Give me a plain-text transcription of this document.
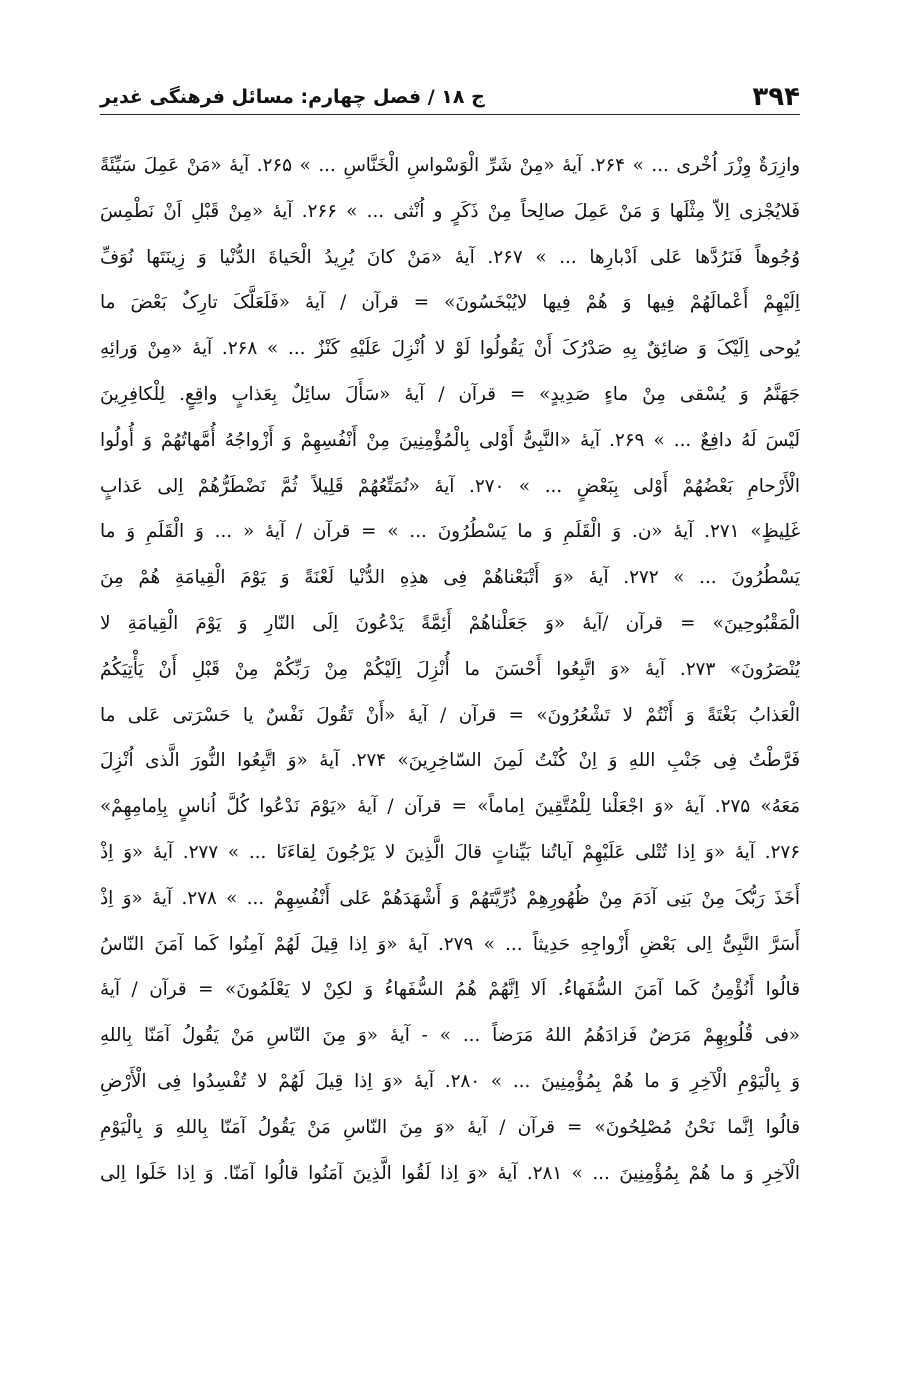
۳۹۴
ج ۱۸ / فصل چهارم: مسائل فرهنگی غدیر
وازِرَةٌ وِزْرَ اُخْری ... » ۲۶۴. آیهٔ «مِنْ شَرِّ الْوَسْواسِ الْخَنَّاسِ ... » ۲۶۵. آیهٔ «مَنْ عَمِلَ سَیِّئَةً
فَلایُجْزی اِلاّ مِثْلَها وَ مَنْ عَمِلَ صالِحاً مِنْ ذَکَرٍ و اُنْثی ... » ۲۶۶. آیهٔ «مِنْ قَبْلِ اَنْ نَطْمِسَ
وُجُوهاً فَنَرُدَّها عَلی اَدْبارِها ... » ۲۶۷. آیهٔ «مَنْ کانَ یُرِیدُ الْحَیاةَ الدُّنْیا وَ زِینَتَها نُوَفِّ
اِلَیْهِمْ أَعْمالَهُمْ فِیها وَ هُمْ فِیها لایُبْخَسُونَ» = قرآن / آیهٔ «فَلَعَلَّکَ تارِکٌ بَعْضَ ما
یُوحی اِلَیْکَ وَ ضائِقٌ بِهِ صَدْرُکَ أَنْ یَقُولُوا لَوْ لا اُنْزِلَ عَلَیْهِ کَنْزٌ ... » ۲۶۸. آیهٔ «مِنْ وَرائِهِ
جَهَنَّمُ وَ یُسْقی مِنْ ماءٍ صَدِیدٍ» = قرآن / آیهٔ «سَأَلَ سائِلٌ بِعَذابٍ واقِعٍ. لِلْکافِرِینَ
لَیْسَ لَهُ دافِعٌ ... » ۲۶۹. آیهٔ «النَّبِیُّ أَوْلی بِالْمُؤْمِنِینَ مِنْ أَنْفُسِهِمْ وَ أَزْواجُهُ أُمَّهاتُهُمْ وَ أُولُوا
الْأَرْحامِ بَعْضُهُمْ أَوْلی بِبَعْضٍ ... » ۲۷۰. آیهٔ «نُمَتِّعُهُمْ قَلِیلاً ثُمَّ نَضْطَرُّهُمْ اِلی عَذابٍ
غَلِیظٍ» ۲۷۱. آیهٔ «ن. وَ الْقَلَمِ وَ ما یَسْطُرُونَ ... » = قرآن / آیهٔ « ... وَ الْقَلَمِ وَ ما
یَسْطُرُونَ ... » ۲۷۲. آیهٔ «وَ أَتْبَعْناهُمْ فِی هذِهِ الدُّنْیا لَعْنَةً وَ یَوْمَ الْقِیامَةِ هُمْ مِنَ
الْمَقْبُوحِینَ» = قرآن /آیهٔ «وَ جَعَلْناهُمْ أَئِمَّةً یَدْعُونَ اِلَی النّارِ وَ یَوْمَ الْقِیامَةِ لا
یُنْصَرُونَ» ۲۷۳. آیهٔ «وَ اتَّبِعُوا أَحْسَنَ ما أُنْزِلَ اِلَیْکُمْ مِنْ رَبِّکُمْ مِنْ قَبْلِ أَنْ یَأْتِیَکُمُ
الْعَذابُ بَغْتَةً وَ أَنْتُمْ لا تَشْعُرُونَ» = قرآن / آیهٔ «أَنْ تَقُولَ نَفْسٌ یا حَسْرَتی عَلی ما
فَرَّطْتُ فِی جَنْبِ اللهِ وَ اِنْ کُنْتُ لَمِنَ السّاخِرِینَ» ۲۷۴. آیهٔ «وَ اتَّبِعُوا النُّورَ الَّذی اُنْزِلَ
مَعَهُ» ۲۷۵. آیهٔ «وَ اجْعَلْنا لِلْمُتَّقِینَ اِماماً» = قرآن / آیهٔ «یَوْمَ نَدْعُوا کُلَّ اُناسٍ بِاِمامِهِمْ»
۲۷۶. آیهٔ «وَ اِذا تُتْلی عَلَیْهِمْ آیاتُنا بَیِّناتٍ قالَ الَّذِینَ لا یَرْجُونَ لِقاءَنَا ... » ۲۷۷. آیهٔ «وَ اِذْ
أَخَذَ رَبُّکَ مِنْ بَنِی آدَمَ مِنْ ظُهُورِهِمْ ذُرِّیَّتَهُمْ وَ أَشْهَدَهُمْ عَلی أَنْفُسِهِمْ ... » ۲۷۸. آیهٔ «وَ اِذْ
أَسَرَّ النَّبِیُّ اِلی بَعْضِ أَزْواجِهِ حَدِیثاً ... » ۲۷۹. آیهٔ «وَ اِذا قِیلَ لَهُمْ آمِنُوا کَما آمَنَ النّاسُ
قالُوا أَنُؤْمِنُ کَما آمَنَ السُّفَهاءُ. اَلا اِنَّهُمْ هُمُ السُّفَهاءُ وَ لکِنْ لا یَعْلَمُونَ» = قرآن / آیهٔ
«فی قُلُوبِهِمْ مَرَضٌ فَزادَهُمُ اللهُ مَرَضاً ... » - آیهٔ «وَ مِنَ النّاسِ مَنْ یَقُولُ آمَنّا بِاللهِ
وَ بِالْیَوْمِ الْآخِرِ وَ ما هُمْ بِمُؤْمِنِینَ ... » ۲۸۰. آیهٔ «وَ اِذا قِیلَ لَهُمْ لا تُفْسِدُوا فِی الْأَرْضِ
قالُوا اِنَّما نَحْنُ مُصْلِحُونَ» = قرآن / آیهٔ «وَ مِنَ النّاسِ مَنْ یَقُولُ آمَنّا بِاللهِ وَ بِالْیَوْمِ
الْآخِرِ وَ ما هُمْ بِمُؤْمِنِینَ ... » ۲۸۱. آیهٔ «وَ اِذا لَقُوا الَّذِینَ آمَنُوا قالُوا آمَنّا. وَ اِذا خَلَوا اِلی
